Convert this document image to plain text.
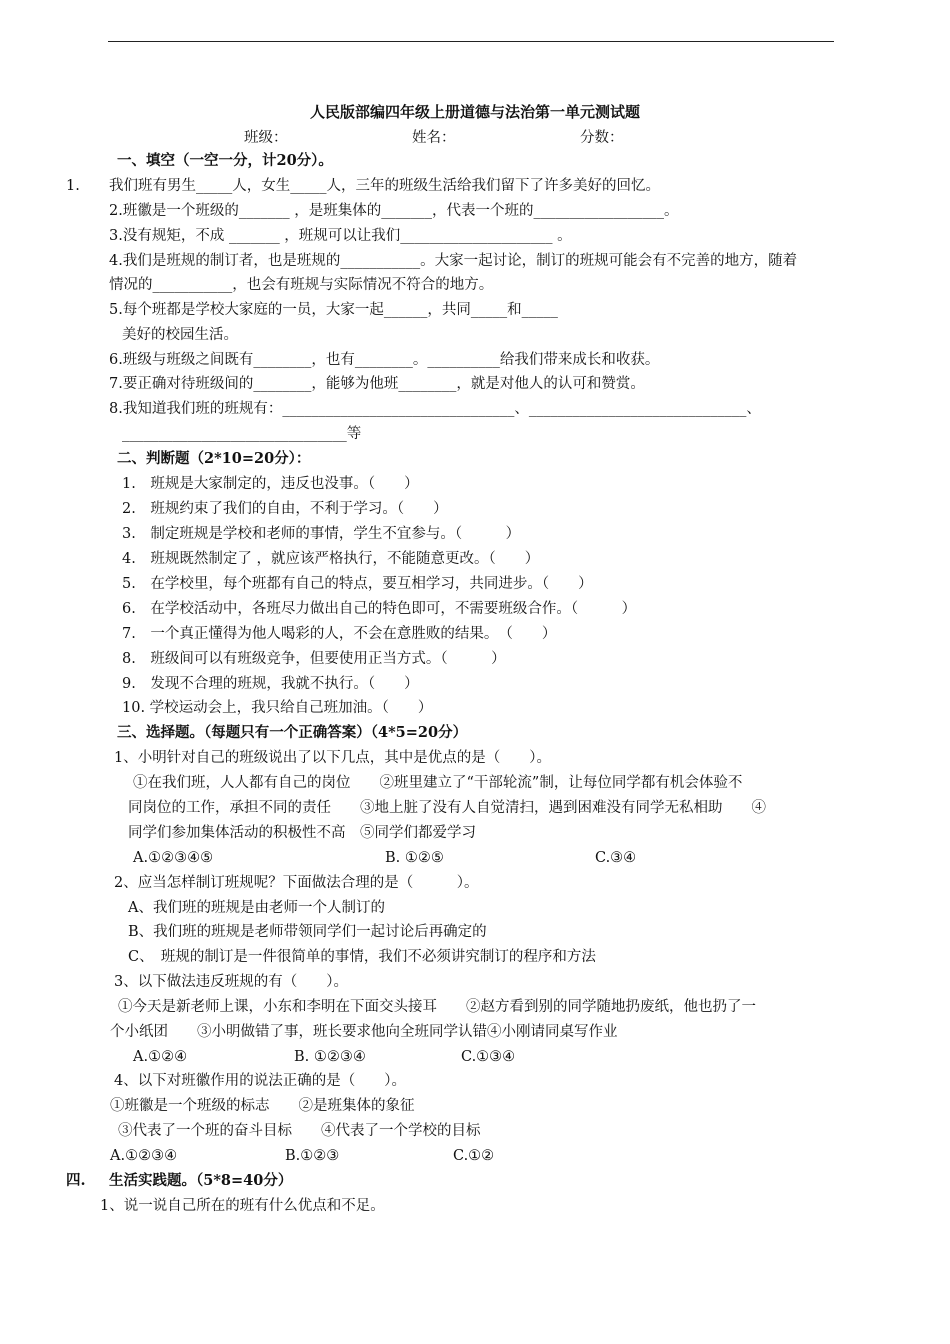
人民版部编四年级上册道德与法治第一单元测试题
班级：	姓名：	分数：
一、填空（一空一分，计20分）。
1. 我们班有男生_____人，女生_____人，三年的班级生活给我们留下了许多美好的回忆。
2.班徽是一个班级的_______ ，是班集体的_______，代表一个班的__________________。
3.没有规矩，不成 _______ ，班规可以让我们_____________________ 。
4.我们是班规的制订者，也是班规的___________。大家一起讨论，制订的班规可能会有不完善的地方，随着
情况的___________，也会有班规与实际情况不符合的地方。
5.每个班都是学校大家庭的一员，大家一起______，共同_____和_____
美好的校园生活。
6.班级与班级之间既有________，也有________。__________给我们带来成长和收获。
7.要正确对待班级间的________，能够为他班________，就是对他人的认可和赞赏。
8.我知道我们班的班规有：________________________________、______________________________、
_______________________________等
二、判断题（2*10=20分）：
1.　班规是大家制定的，违反也没事。（　　）
2.　班规约束了我们的自由，不利于学习。（　　）
3.　制定班规是学校和老师的事情，学生不宜参与。（　　　）
4.　班规既然制定了 ，就应该严格执行，不能随意更改。（　　）
5.　在学校里，每个班都有自己的特点，要互相学习，共同进步。（　　）
6.　在学校活动中，各班尽力做出自己的特色即可，不需要班级合作。（　　　）
7.　一个真正懂得为他人喝彩的人，不会在意胜败的结果。　（　　）
8.　班级间可以有班级竞争，但要使用正当方式。（　　　）
9.　发现不合理的班规，我就不执行。（　　）
10. 学校运动会上，我只给自己班加油。（　　）
三、选择题。（每题只有一个正确答案）（4*5=20分）
1、小明针对自己的班级说出了以下几点，其中是优点的是（　　）。
①在我们班，人人都有自己的岗位　　②班里建立了“干部轮流”制，让每位同学都有机会体验不
同岗位的工作，承担不同的责任　　③地上脏了没有人自觉清扫，遇到困难没有同学无私相助　　④
同学们参加集体活动的积极性不高　⑤同学们都爱学习
A.①②③④⑤	B. ①②⑤	C.③④
2、应当怎样制订班规呢？下面做法合理的是（　　　）。
A、我们班的班规是由老师一个人制订的
B、我们班的班规是老师带领同学们一起讨论后再确定的
C、　班规的制订是一件很简单的事情，我们不必须讲究制订的程序和方法
3、以下做法违反班规的有（　　）。
①今天是新老师上课，小东和李明在下面交头接耳　　②赵方看到别的同学随地扔废纸，他也扔了一
个小纸团　　③小明做错了事，班长要求他向全班同学认错④小刚请同桌写作业
A.①②④	B. ①②③④	C.①③④
4、以下对班徽作用的说法正确的是（　　）。
①班徽是一个班级的标志　　②是班集体的象征
③代表了一个班的奋斗目标　　④代表了一个学校的目标
A.①②③④	B.①②③	C.①②
四. 生活实践题。（5*8=40分）
1、说一说自己所在的班有什么优点和不足。
